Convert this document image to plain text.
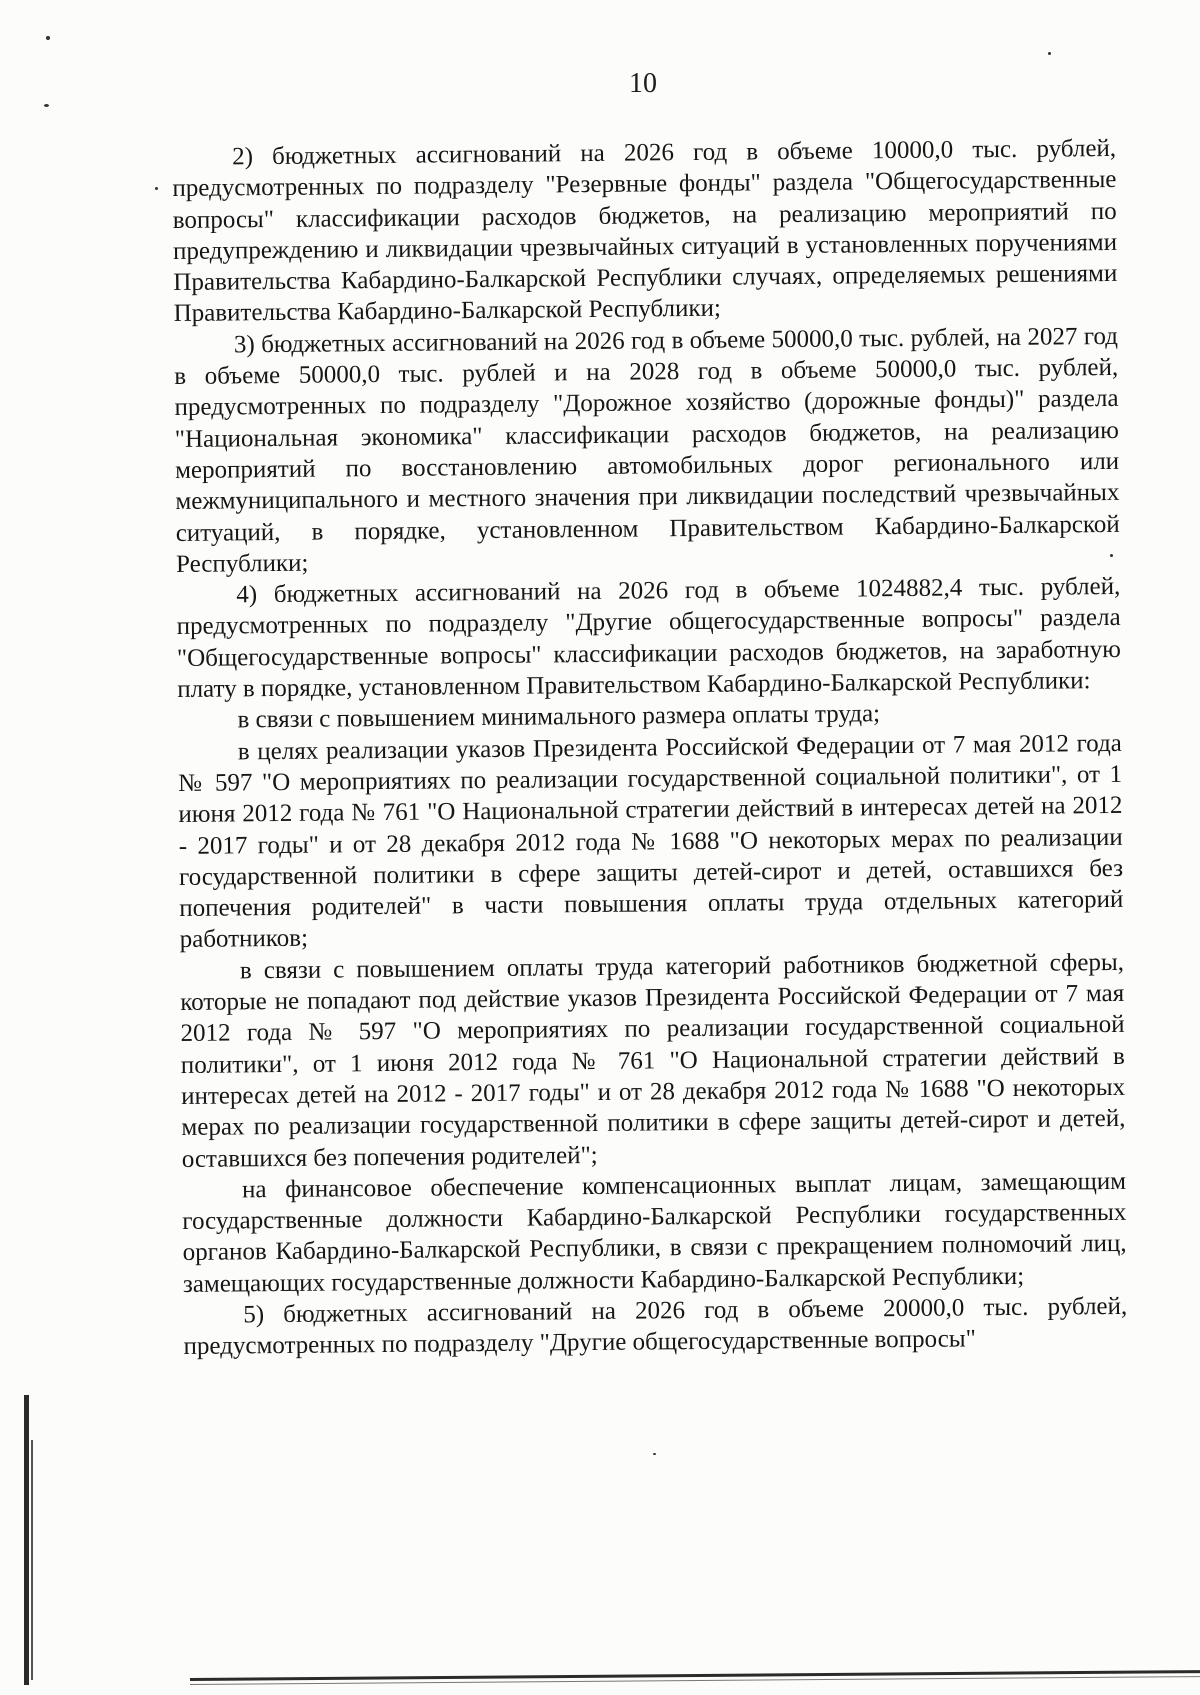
10

2) бюджетных ассигнований на 2026 год в объеме 10000,0 тыс. рублей, предусмотренных по подразделу "Резервные фонды" раздела "Общегосударственные вопросы" классификации расходов бюджетов, на реализацию мероприятий по предупреждению и ликвидации чрезвычайных ситуаций в установленных поручениями Правительства Кабардино-Балкарской Республики случаях, определяемых решениями Правительства Кабардино-Балкарской Республики;

3) бюджетных ассигнований на 2026 год в объеме 50000,0 тыс. рублей, на 2027 год в объеме 50000,0 тыс. рублей и на 2028 год в объеме 50000,0 тыс. рублей, предусмотренных по подразделу "Дорожное хозяйство (дорожные фонды)" раздела "Национальная экономика" классификации расходов бюджетов, на реализацию мероприятий по восстановлению автомобильных дорог регионального или межмуниципального и местного значения при ликвидации последствий чрезвычайных ситуаций, в порядке, установленном Правительством Кабардино-Балкарской Республики;

4) бюджетных ассигнований на 2026 год в объеме 1024882,4 тыс. рублей, предусмотренных по подразделу "Другие общегосударственные вопросы" раздела "Общегосударственные вопросы" классификации расходов бюджетов, на заработную плату в порядке, установленном Правительством Кабардино-Балкарской Республики:

в связи с повышением минимального размера оплаты труда;

в целях реализации указов Президента Российской Федерации от 7 мая 2012 года № 597 "О мероприятиях по реализации государственной социальной политики", от 1 июня 2012 года № 761 "О Национальной стратегии действий в интересах детей на 2012 - 2017 годы" и от 28 декабря 2012 года № 1688 "О некоторых мерах по реализации государственной политики в сфере защиты детей-сирот и детей, оставшихся без попечения родителей" в части повышения оплаты труда отдельных категорий работников;

в связи с повышением оплаты труда категорий работников бюджетной сферы, которые не попадают под действие указов Президента Российской Федерации от 7 мая 2012 года № 597 "О мероприятиях по реализации государственной социальной политики", от 1 июня 2012 года № 761 "О Национальной стратегии действий в интересах детей на 2012 - 2017 годы" и от 28 декабря 2012 года № 1688 "О некоторых мерах по реализации государственной политики в сфере защиты детей-сирот и детей, оставшихся без попечения родителей";

на финансовое обеспечение компенсационных выплат лицам, замещающим государственные должности Кабардино-Балкарской Республики государственных органов Кабардино-Балкарской Республики, в связи с прекращением полномочий лиц, замещающих государственные должности Кабардино-Балкарской Республики;

5) бюджетных ассигнований на 2026 год в объеме 20000,0 тыс. рублей, предусмотренных по подразделу "Другие общегосударственные вопросы"
